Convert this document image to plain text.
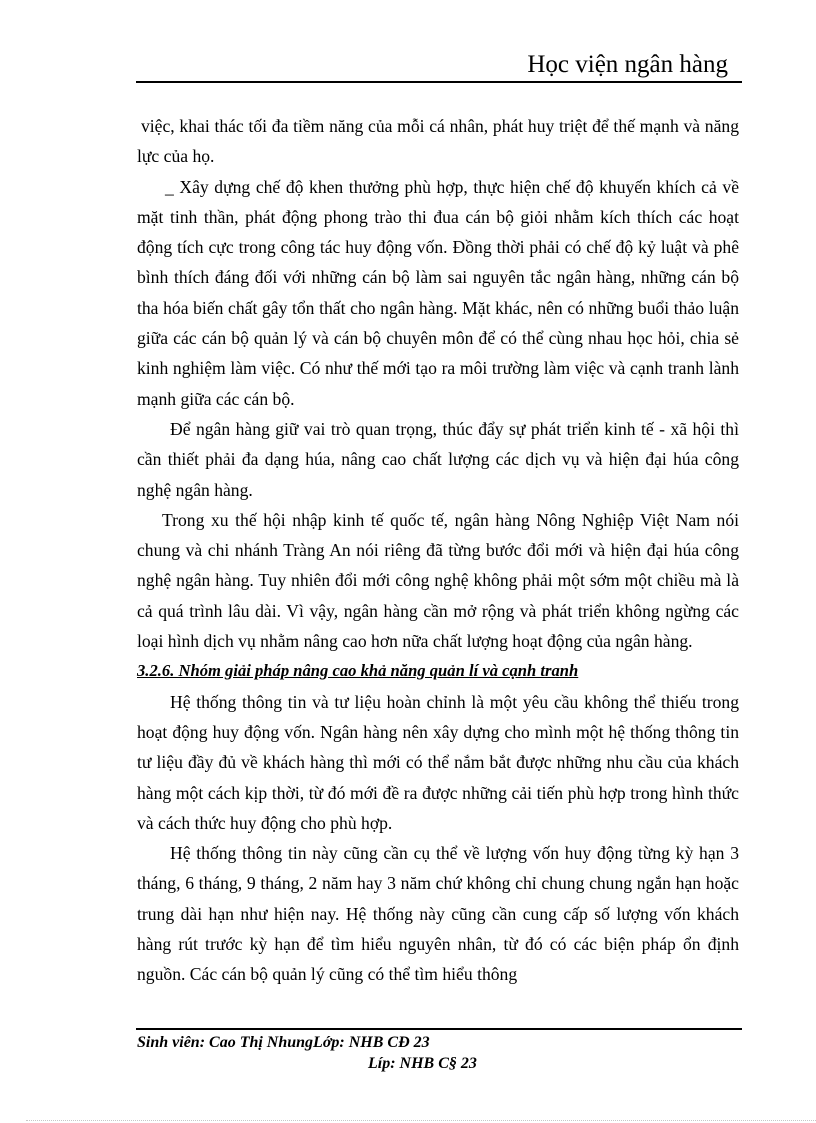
Học viện ngân hàng

việc, khai thác tối đa tiềm năng của mỗi cá nhân, phát huy triệt để thế mạnh và năng lực của họ.

_ Xây dựng chế độ khen thưởng phù hợp, thực hiện chế độ khuyến khích cả về mặt tinh thần, phát động phong trào thi đua cán bộ giỏi nhằm kích thích các hoạt động tích cực trong công tác huy động vốn. Đồng thời phải có chế độ kỷ luật và phê bình thích đáng đối với những cán bộ làm sai nguyên tắc ngân hàng, những cán bộ tha hóa biến chất gây tổn thất cho ngân hàng. Mặt khác, nên có những buổi thảo luận giữa các cán bộ quản lý và cán bộ chuyên môn để có thể cùng nhau học hỏi, chia sẻ kinh nghiệm làm việc. Có như thế mới tạo ra môi trường làm việc và cạnh tranh lành mạnh giữa các cán bộ.

Để ngân hàng giữ vai trò quan trọng, thúc đẩy sự phát triển kinh tế - xã hội thì cần thiết phải đa dạng húa, nâng cao chất lượng các dịch vụ và hiện đại húa công nghệ ngân hàng.

Trong xu thế hội nhập kinh tế quốc tế, ngân hàng Nông Nghiệp Việt Nam nói chung và chi nhánh Tràng An nói riêng đã từng bước đổi mới và hiện đại húa công nghệ ngân hàng. Tuy nhiên đổi mới công nghệ không phải một sớm một chiều mà là cả quá trình lâu dài. Vì vậy, ngân hàng cần mở rộng và phát triển không ngừng các loại hình dịch vụ nhằm nâng cao hơn nữa chất lượng hoạt động của ngân hàng.

3.2.6. Nhóm giải pháp nâng cao khả năng quản lí và cạnh tranh

Hệ thống thông tin và tư liệu hoàn chỉnh là một yêu cầu không thể thiếu trong hoạt động huy động vốn. Ngân hàng nên xây dựng cho mình một hệ thống thông tin tư liệu đầy đủ về khách hàng thì mới có thể nắm bắt được những nhu cầu của khách hàng một cách kịp thời, từ đó mới đề ra được những cải tiến phù hợp trong hình thức và cách thức huy động cho phù hợp.

Hệ thống thông tin này cũng cần cụ thể về lượng vốn huy động từng kỳ hạn 3 tháng, 6 tháng, 9 tháng, 2 năm hay 3 năm chứ không chỉ chung chung ngắn hạn hoặc trung dài hạn như hiện nay. Hệ thống này cũng cần cung cấp số lượng vốn khách hàng rút trước kỳ hạn để tìm hiểu nguyên nhân, từ đó có các biện pháp ổn định nguồn. Các cán bộ quản lý cũng có thể tìm hiểu thông

Sinh viên: Cao Thị NhungLớp: NHB CĐ 23
Líp: NHB C§ 23
